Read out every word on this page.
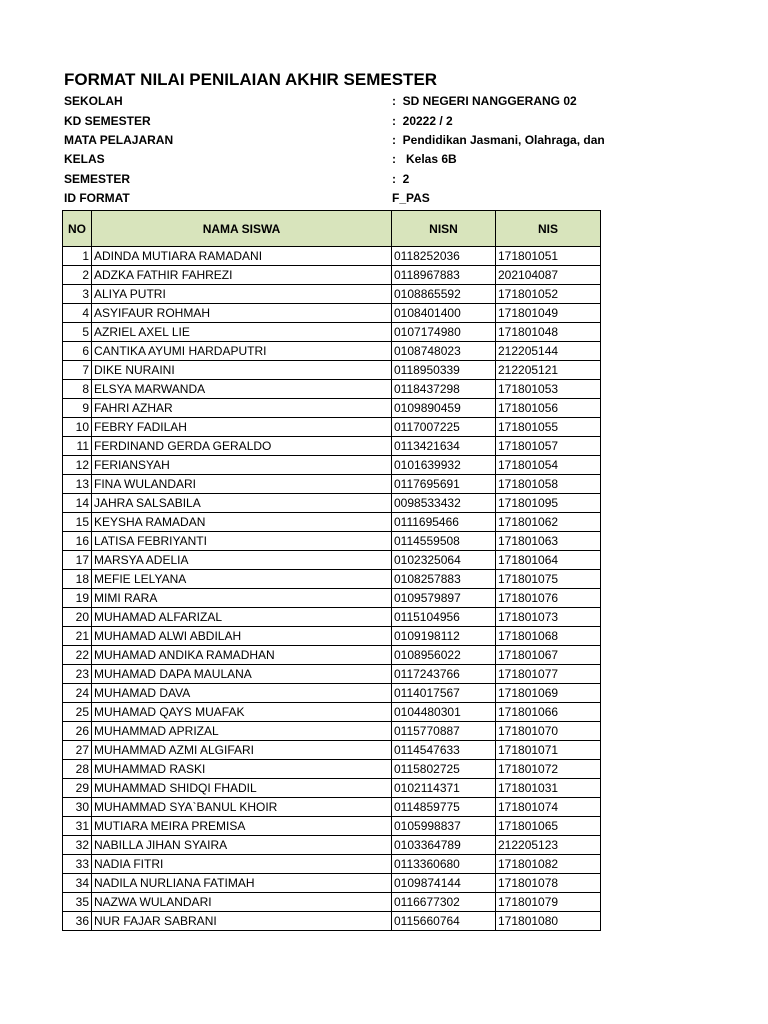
FORMAT NILAI PENILAIAN AKHIR SEMESTER
SEKOLAH	:  SD NEGERI NANGGERANG 02
KD SEMESTER	:  20222 / 2
MATA PELAJARAN	:  Pendidikan Jasmani, Olahraga, dan
KELAS	:   Kelas 6B
SEMESTER	:  2
ID FORMAT	F_PAS
NO	NAMA SISWA	NISN	NIS
1	ADINDA MUTIARA RAMADANI	0118252036	171801051
2	ADZKA FATHIR FAHREZI	0118967883	202104087
3	ALIYA PUTRI	0108865592	171801052
4	ASYIFAUR ROHMAH	0108401400	171801049
5	AZRIEL AXEL LIE	0107174980	171801048
6	CANTIKA AYUMI HARDAPUTRI	0108748023	212205144
7	DIKE NURAINI	0118950339	212205121
8	ELSYA MARWANDA	0118437298	171801053
9	FAHRI AZHAR	0109890459	171801056
10	FEBRY FADILAH	0117007225	171801055
11	FERDINAND GERDA GERALDO	0113421634	171801057
12	FERIANSYAH	0101639932	171801054
13	FINA WULANDARI	0117695691	171801058
14	JAHRA SALSABILA	0098533432	171801095
15	KEYSHA RAMADAN	0111695466	171801062
16	LATISA FEBRIYANTI	0114559508	171801063
17	MARSYA ADELIA	0102325064	171801064
18	MEFIE LELYANA	0108257883	171801075
19	MIMI RARA	0109579897	171801076
20	MUHAMAD ALFARIZAL	0115104956	171801073
21	MUHAMAD ALWI ABDILAH	0109198112	171801068
22	MUHAMAD ANDIKA RAMADHAN	0108956022	171801067
23	MUHAMAD DAPA MAULANA	0117243766	171801077
24	MUHAMAD DAVA	0114017567	171801069
25	MUHAMAD QAYS MUAFAK	0104480301	171801066
26	MUHAMMAD APRIZAL	0115770887	171801070
27	MUHAMMAD AZMI ALGIFARI	0114547633	171801071
28	MUHAMMAD RASKI	0115802725	171801072
29	MUHAMMAD SHIDQI FHADIL	0102114371	171801031
30	MUHAMMAD SYA`BANUL KHOIR	0114859775	171801074
31	MUTIARA MEIRA PREMISA	0105998837	171801065
32	NABILLA JIHAN SYAIRA	0103364789	212205123
33	NADIA FITRI	0113360680	171801082
34	NADILA NURLIANA FATIMAH	0109874144	171801078
35	NAZWA WULANDARI	0116677302	171801079
36	NUR FAJAR SABRANI	0115660764	171801080
